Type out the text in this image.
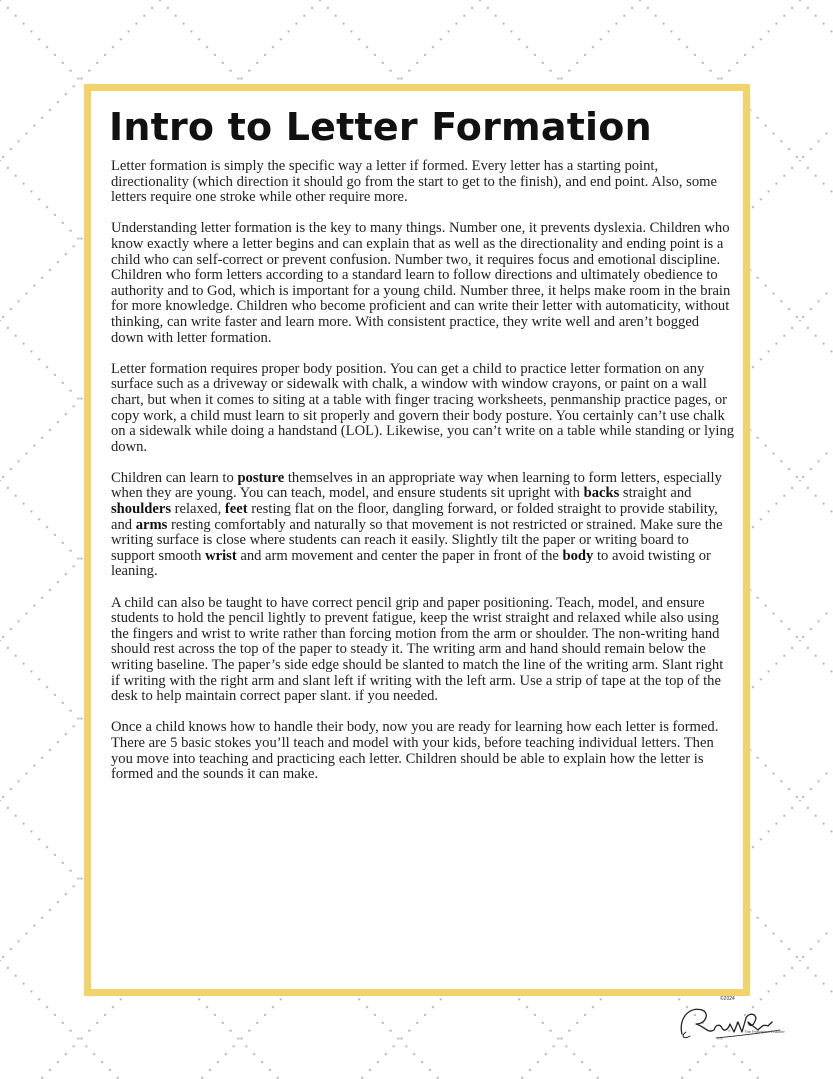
Intro to Letter Formation

Letter formation is simply the specific way a letter if formed. Every letter has a starting point, directionality (which direction it should go from the start to get to the finish), and end point. Also, some letters require one stroke while other require more.

Understanding letter formation is the key to many things. Number one, it prevents dyslexia. Children who know exactly where a letter begins and can explain that as well as the directionality and ending point is a child who can self-correct or prevent confusion. Number two, it requires focus and emotional discipline. Children who form letters according to a standard learn to follow directions and ultimately obedience to authority and to God, which is important for a young child. Number three, it helps make room in the brain for more knowledge. Children who become proficient and can write their letter with automaticity, without thinking, can write faster and learn more. With consistent practice, they write well and aren’t bogged down with letter formation.

Letter formation requires proper body position. You can get a child to practice letter formation on any surface such as a driveway or sidewalk with chalk, a window with window crayons, or paint on a wall chart, but when it comes to siting at a table with finger tracing worksheets, penmanship practice pages, or copy work, a child must learn to sit properly and govern their body posture. You certainly can’t use chalk on a sidewalk while doing a handstand (LOL). Likewise, you can’t write on a table while standing or lying down.

Children can learn to posture themselves in an appropriate way when learning to form letters, especially when they are young. You can teach, model, and ensure students sit upright with backs straight and shoulders relaxed, feet resting flat on the floor, dangling forward, or folded straight to provide stability, and arms resting comfortably and naturally so that movement is not restricted or strained. Make sure the writing surface is close where students can reach it easily. Slightly tilt the paper or writing board to support smooth wrist and arm movement and center the paper in front of the body to avoid twisting or leaning.

A child can also be taught to have correct pencil grip and paper positioning. Teach, model, and ensure students to hold the pencil lightly to prevent fatigue, keep the wrist straight and relaxed while also using the fingers and wrist to write rather than forcing motion from the arm or shoulder. The non-writing hand should rest across the top of the paper to steady it. The writing arm and hand should remain below the writing baseline. The paper’s side edge should be slanted to match the line of the writing arm. Slant right if writing with the right arm and slant left if writing with the left arm. Use a strip of tape at the top of the desk to help maintain correct paper slant. if you needed.

Once a child knows how to handle their body, now you are ready for learning how each letter is formed. There are 5 basic stokes you’ll teach and model with your kids, before teaching individual letters. Then you move into teaching and practicing each letter. Children should be able to explain how the letter is formed and the sounds it can make.

©2024
The Principled Teacher
